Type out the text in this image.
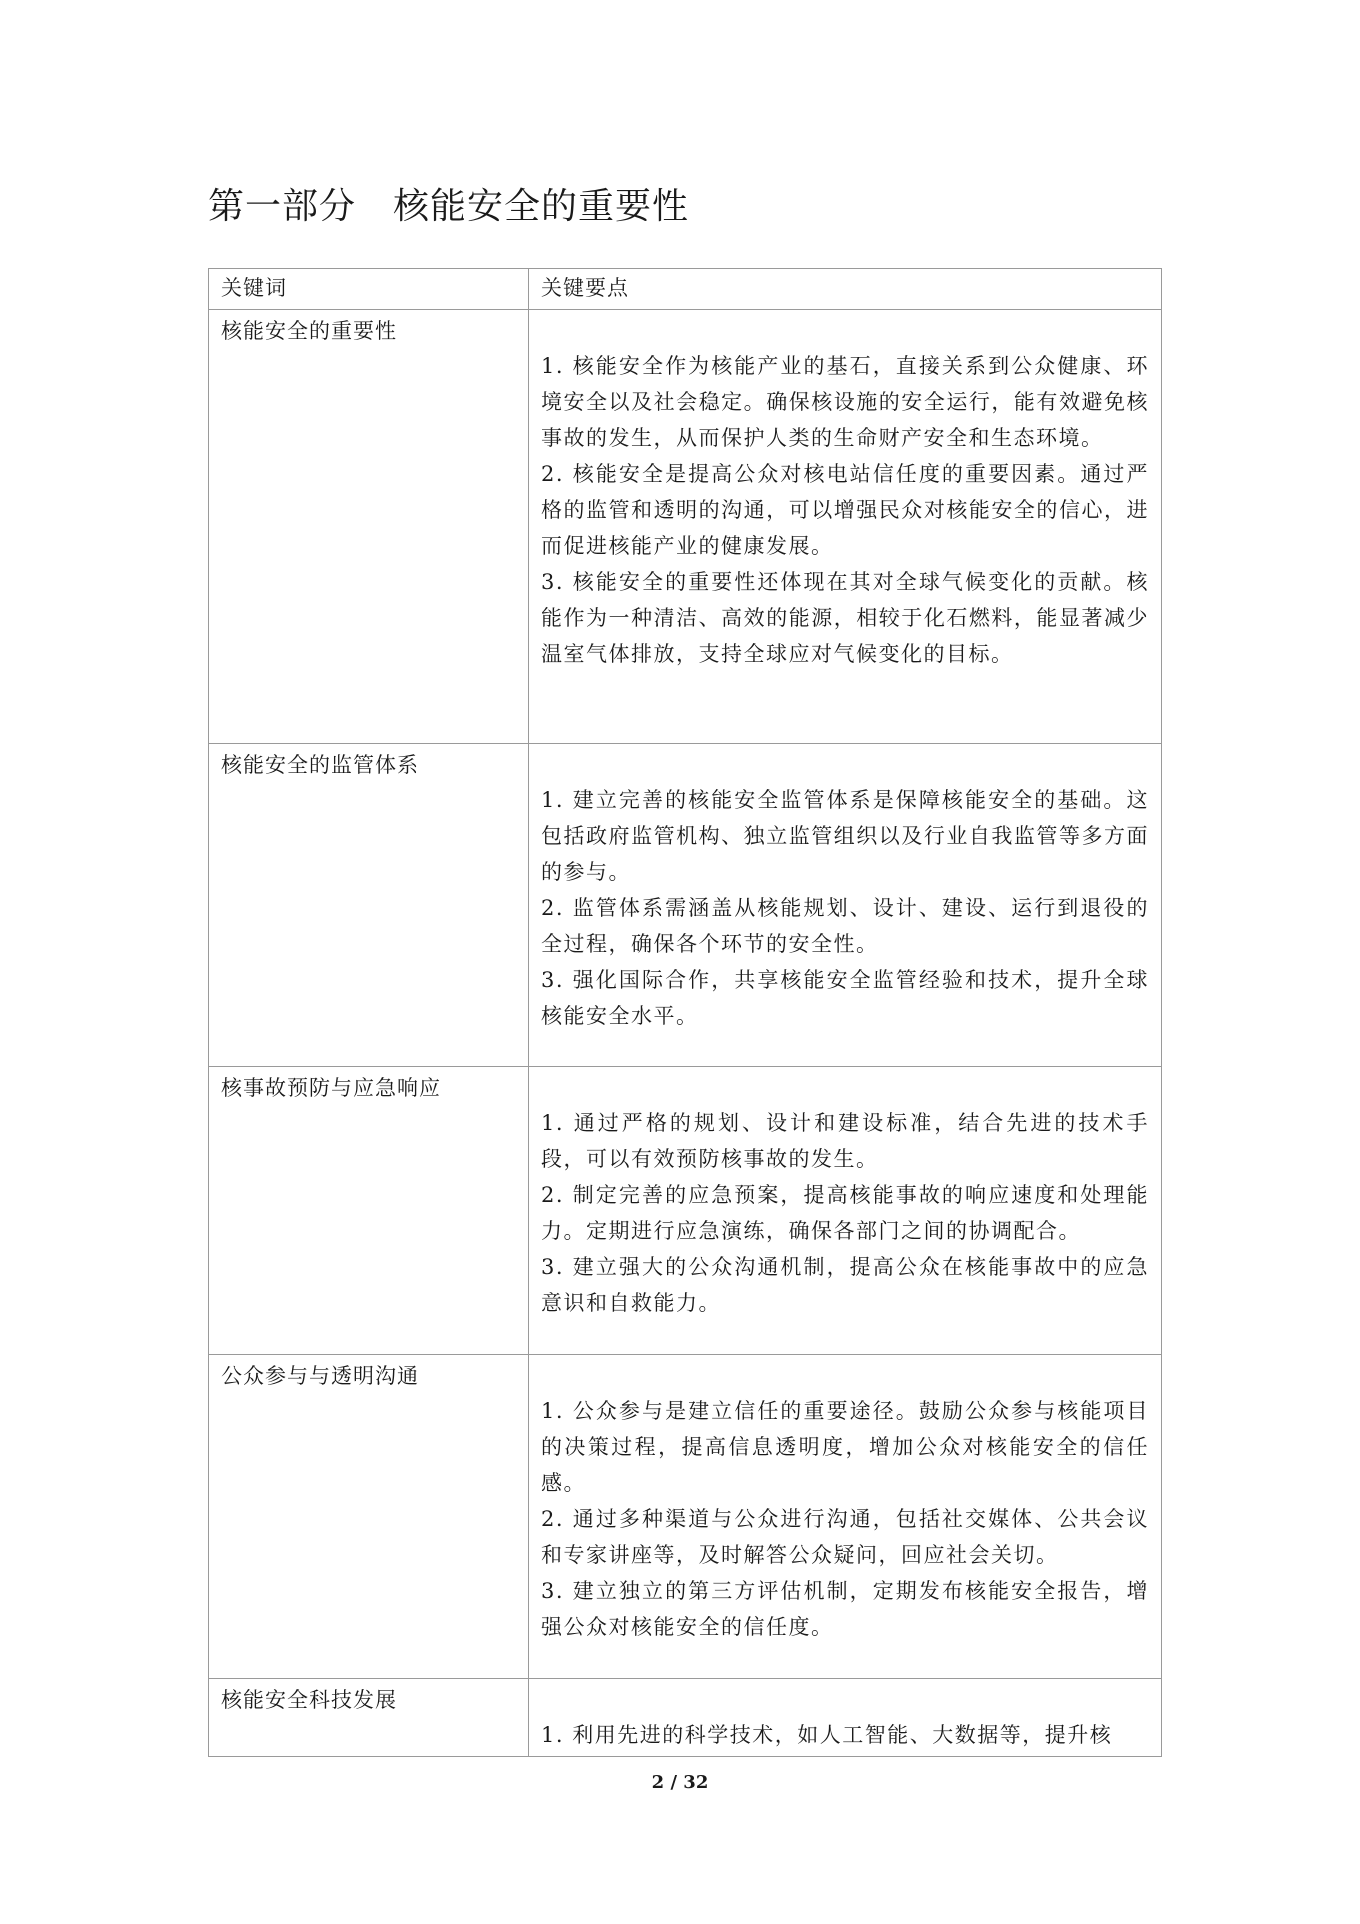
第一部分　核能安全的重要性
关键词	关键要点
核能安全的重要性	1. 核能安全作为核能产业的基石，直接关系到公众健康、环境安全以及社会稳定。确保核设施的安全运行，能有效避免核事故的发生，从而保护人类的生命财产安全和生态环境。

2. 核能安全是提高公众对核电站信任度的重要因素。通过严格的监管和透明的沟通，可以增强民众对核能安全的信心，进而促进核能产业的健康发展。

3. 核能安全的重要性还体现在其对全球气候变化的贡献。核能作为一种清洁、高效的能源，相较于化石燃料，能显著减少温室气体排放，支持全球应对气候变化的目标。

核能安全的监管体系	1. 建立完善的核能安全监管体系是保障核能安全的基础。这包括政府监管机构、独立监管组织以及行业自我监管等多方面的参与。

2. 监管体系需涵盖从核能规划、设计、建设、运行到退役的全过程，确保各个环节的安全性。

3. 强化国际合作，共享核能安全监管经验和技术，提升全球核能安全水平。

核事故预防与应急响应	1. 通过严格的规划、设计和建设标准，结合先进的技术手段，可以有效预防核事故的发生。

2. 制定完善的应急预案，提高核能事故的响应速度和处理能力。定期进行应急演练，确保各部门之间的协调配合。

3. 建立强大的公众沟通机制，提高公众在核能事故中的应急意识和自救能力。

公众参与与透明沟通	1. 公众参与是建立信任的重要途径。鼓励公众参与核能项目的决策过程，提高信息透明度，增加公众对核能安全的信任感。

2. 通过多种渠道与公众进行沟通，包括社交媒体、公共会议和专家讲座等，及时解答公众疑问，回应社会关切。

3. 建立独立的第三方评估机制，定期发布核能安全报告，增强公众对核能安全的信任度。

核能安全科技发展	1. 利用先进的科学技术，如人工智能、大数据等，提升核

2 / 32
